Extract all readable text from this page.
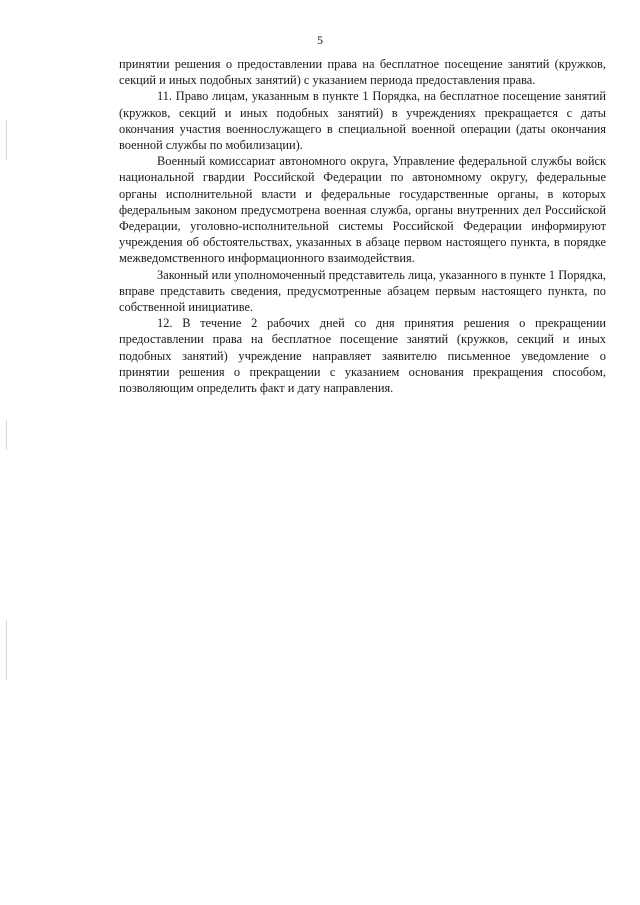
5

принятии решения о предоставлении права на бесплатное посещение занятий (кружков, секций и иных подобных занятий) с указанием периода предоставления права.

11. Право лицам, указанным в пункте 1 Порядка, на бесплатное посещение занятий (кружков, секций и иных подобных занятий) в учреждениях прекращается с даты окончания участия военнослужащего в специальной военной операции (даты окончания военной службы по мобилизации).

Военный комиссариат автономного округа, Управление федеральной службы войск национальной гвардии Российской Федерации по автономному округу, федеральные органы исполнительной власти и федеральные государственные органы, в которых федеральным законом предусмотрена военная служба, органы внутренних дел Российской Федерации, уголовно-исполнительной системы Российской Федерации информируют учреждения об обстоятельствах, указанных в абзаце первом настоящего пункта, в порядке межведомственного информационного взаимодействия.

Законный или уполномоченный представитель лица, указанного в пункте 1 Порядка, вправе представить сведения, предусмотренные абзацем первым настоящего пункта, по собственной инициативе.

12. В течение 2 рабочих дней со дня принятия решения о прекращении предоставлении права на бесплатное посещение занятий (кружков, секций и иных подобных занятий) учреждение направляет заявителю письменное уведомление о принятии решения о прекращении с указанием основания прекращения способом, позволяющим определить факт и дату направления.
